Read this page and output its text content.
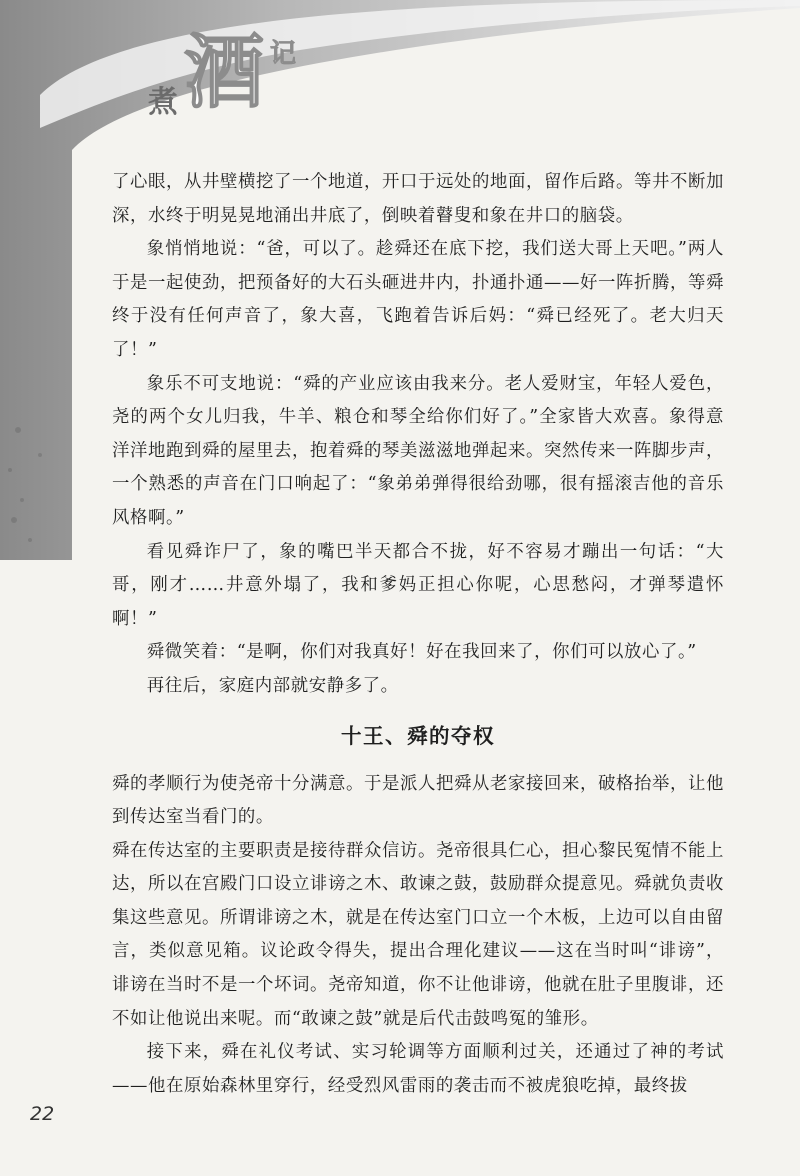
煮 酒 记

了心眼，从井壁横挖了一个地道，开口于远处的地面，留作后路。等井不断加深，水终于明晃晃地涌出井底了，倒映着瞽叟和象在井口的脑袋。

象悄悄地说：“爸，可以了。趁舜还在底下挖，我们送大哥上天吧。”两人于是一起使劲，把预备好的大石头砸进井内，扑通扑通——好一阵折腾，等舜终于没有任何声音了，象大喜，飞跑着告诉后妈：“舜已经死了。老大归天了！”

象乐不可支地说：“舜的产业应该由我来分。老人爱财宝，年轻人爱色，尧的两个女儿归我，牛羊、粮仓和琴全给你们好了。”全家皆大欢喜。象得意洋洋地跑到舜的屋里去，抱着舜的琴美滋滋地弹起来。突然传来一阵脚步声，一个熟悉的声音在门口响起了：“象弟弟弹得很给劲哪，很有摇滚吉他的音乐风格啊。”

看见舜诈尸了，象的嘴巴半天都合不拢，好不容易才蹦出一句话：“大哥，刚才……井意外塌了，我和爹妈正担心你呢，心思愁闷，才弹琴遣怀啊！”

舜微笑着：“是啊，你们对我真好！好在我回来了，你们可以放心了。”

再往后，家庭内部就安静多了。

十王、舜的夺权

舜的孝顺行为使尧帝十分满意。于是派人把舜从老家接回来，破格抬举，让他到传达室当看门的。

舜在传达室的主要职责是接待群众信访。尧帝很具仁心，担心黎民冤情不能上达，所以在宫殿门口设立诽谤之木、敢谏之鼓，鼓励群众提意见。舜就负责收集这些意见。所谓诽谤之木，就是在传达室门口立一个木板，上边可以自由留言，类似意见箱。议论政令得失，提出合理化建议——这在当时叫“诽谤”，诽谤在当时不是一个坏词。尧帝知道，你不让他诽谤，他就在肚子里腹诽，还不如让他说出来呢。而“敢谏之鼓”就是后代击鼓鸣冤的雏形。

接下来，舜在礼仪考试、实习轮调等方面顺利过关，还通过了神的考试——他在原始森林里穿行，经受烈风雷雨的袭击而不被虎狼吃掉，最终拔

22
